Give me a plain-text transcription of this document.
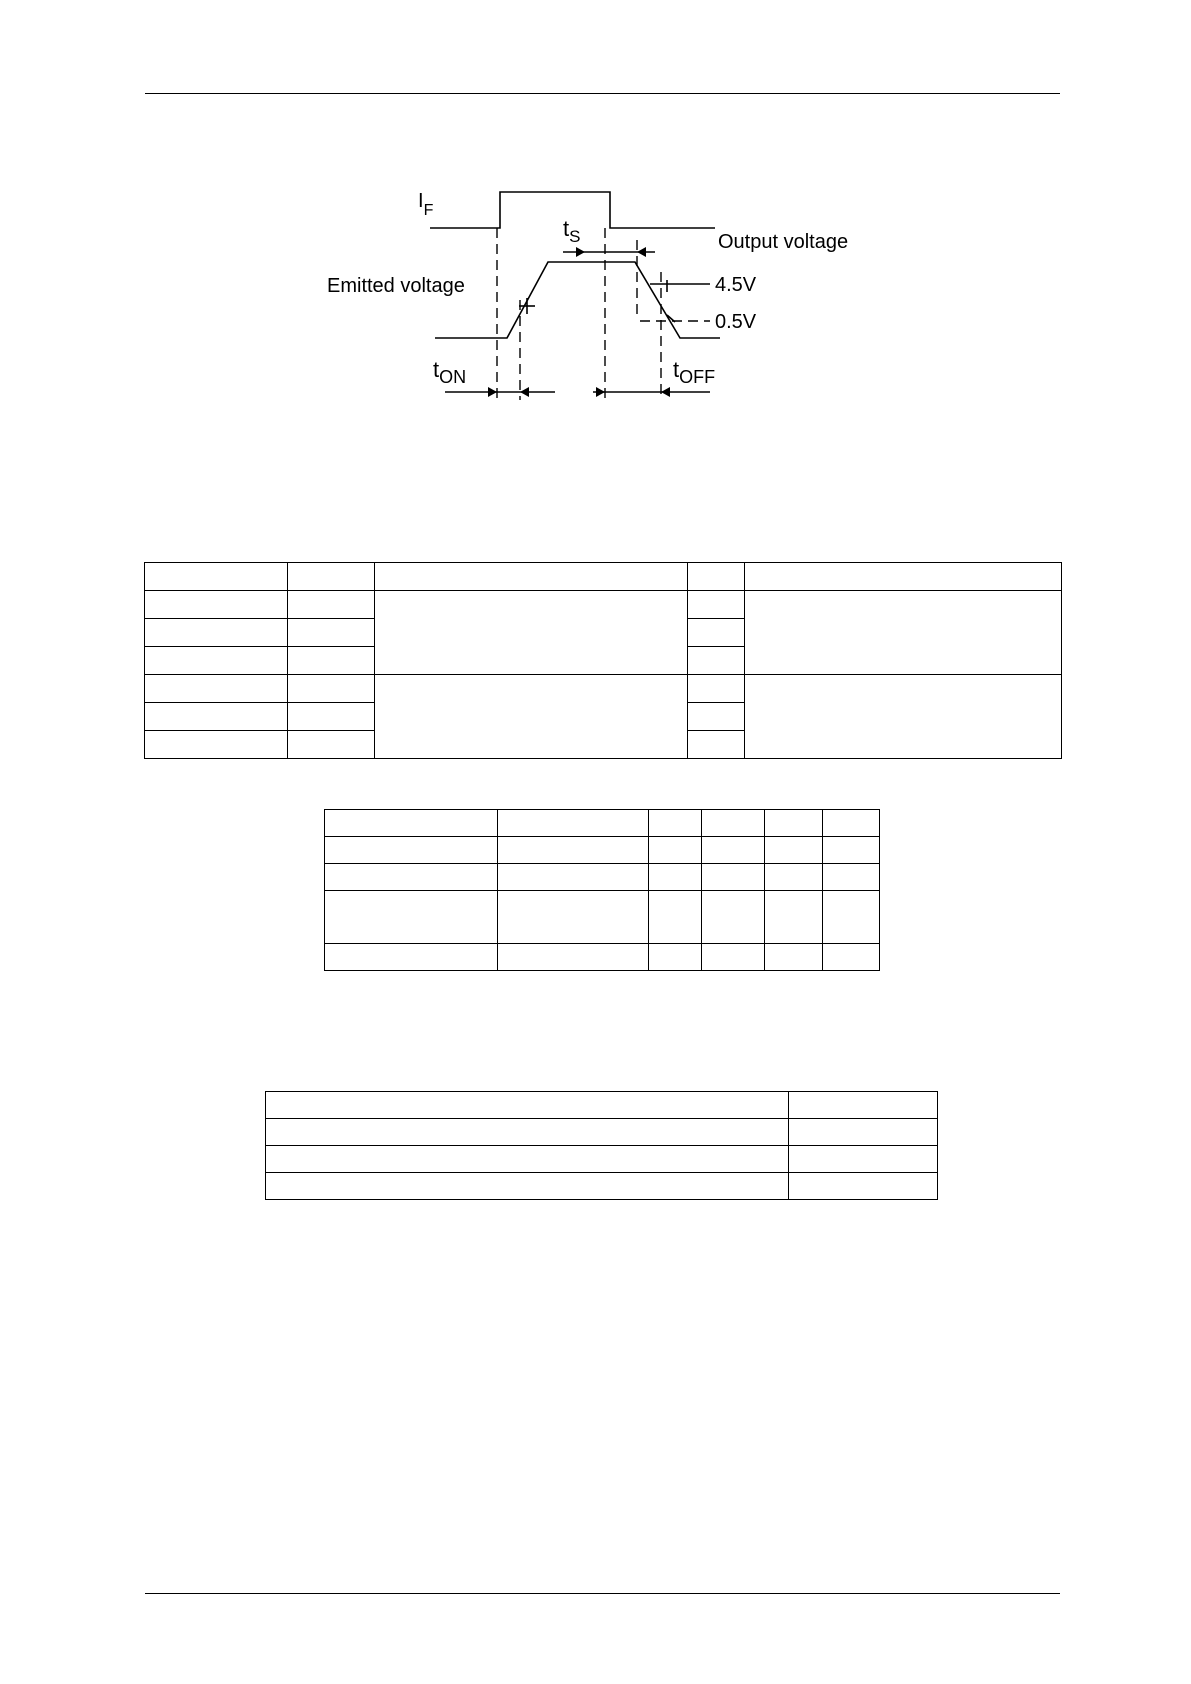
$I_F$
$t_S$	Output voltage
Emitted voltage	4.5V
0.5V
$t_{ON}$	$t_{OFF}$
